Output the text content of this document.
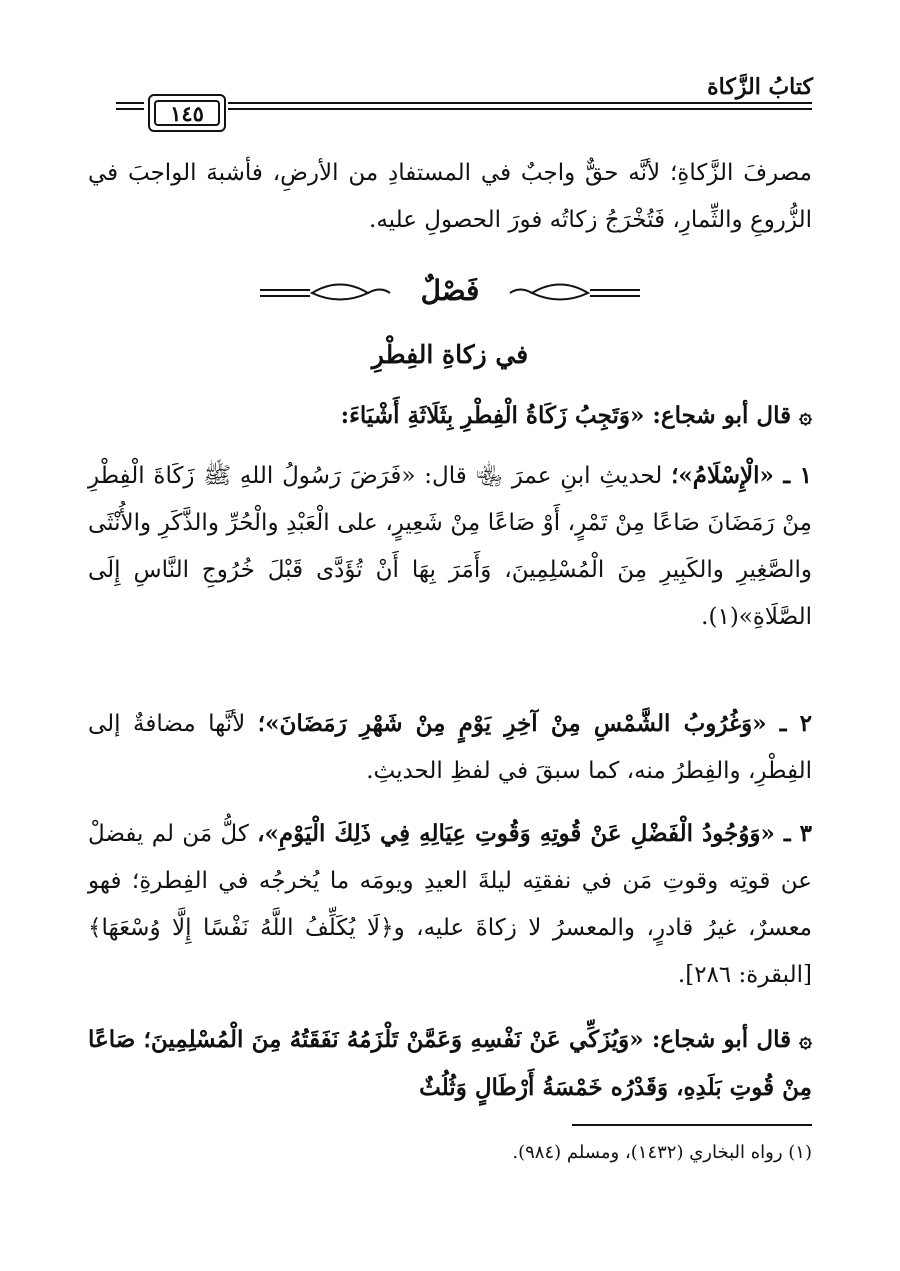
كتابُ الزَّكاة
١٤٥
مصرفَ الزَّكاةِ؛ لأنَّه حقٌّ واجبٌ في المستفادِ من الأرضِ، فأشبهَ الواجبَ في الزُّروعِ والثِّمارِ، فَتُخْرَجُ زكاتُه فورَ الحصولِ عليه.
فَصْلٌ
في زكاةِ الفِطْرِ
۞قال أبو شجاع: «وَتَجِبُ زَكَاةُ الْفِطْرِ بِثَلَاثَةِ أَشْيَاءَ:
١ ـ «الْإِسْلَامُ»؛ لحديثِ ابنِ عمرَ ﵄ قال: «فَرَضَ رَسُولُ اللهِ ﷺ زَكَاةَ الْفِطْرِ مِنْ رَمَضَانَ صَاعًا مِنْ تَمْرٍ، أَوْ صَاعًا مِنْ شَعِيرٍ، على الْعَبْدِ والْحُرِّ والذَّكَرِ والأُنْثَى والصَّغِيرِ والكَبِيرِ مِنَ الْمُسْلِمِينَ، وَأَمَرَ بِهَا أَنْ تُؤَدَّى قَبْلَ خُرُوجِ النَّاسِ إِلَى الصَّلَاةِ»(١).
٢ ـ «وَغُرُوبُ الشَّمْسِ مِنْ آخِرِ يَوْمٍ مِنْ شَهْرِ رَمَضَانَ»؛ لأنَّها مضافةٌ إلى الفِطْرِ، والفِطرُ منه، كما سبقَ في لفظِ الحديثِ.
٣ ـ «وَوُجُودُ الْفَضْلِ عَنْ قُوتِهِ وَقُوتِ عِيَالِهِ فِي ذَلِكَ الْيَوْمِ»، كلُّ مَن لم يفضلْ عن قوتِه وقوتِ مَن في نفقتِه ليلةَ العيدِ ويومَه ما يُخرجُه في الفِطرةِ؛ فهو معسرٌ، غيرُ قادرٍ، والمعسرُ لا زكاةَ عليه، و﴿لَا يُكَلِّفُ اللَّهُ نَفْسًا إِلَّا وُسْعَهَا﴾ [البقرة: ٢٨٦].
۞قال أبو شجاع: «وَيُزَكِّي عَنْ نَفْسِهِ وَعَمَّنْ تَلْزَمُهُ نَفَقَتُهُ مِنَ الْمُسْلِمِينَ؛ صَاعًا مِنْ قُوتِ بَلَدِهِ، وَقَدْرُه خَمْسَةُ أَرْطَالٍ وَثُلُثٌ
(١) رواه البخاري (١٤٣٢)، ومسلم (٩٨٤).
